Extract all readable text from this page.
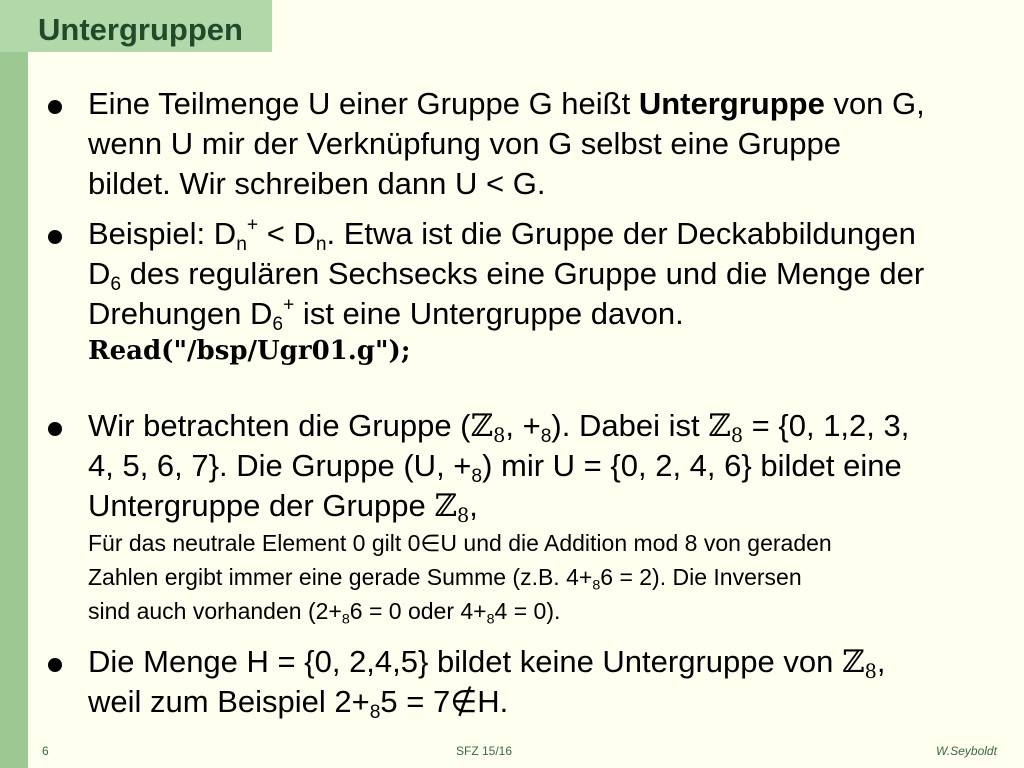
Untergruppen
Eine Teilmenge U einer Gruppe G heißt Untergruppe von G,
wenn U mir der Verknüpfung von G selbst eine Gruppe
bildet. Wir schreiben dann U < G.
Beispiel: $D_n^+ < D_n$. Etwa ist die Gruppe der Deckabbildungen
$D_6$ des regulären Sechsecks eine Gruppe und die Menge der
Drehungen $D_6^+$ ist eine Untergruppe davon.
Read("/bsp/Ugr01.g");
Wir betrachten die Gruppe (ℤ$_8$, $+_8$). Dabei ist ℤ$_8$ = {0, 1,2, 3,
4, 5, 6, 7}. Die Gruppe (U, $+_8$) mir U = {0, 2, 4, 6} bildet eine
Untergruppe der Gruppe ℤ$_8$,
Für das neutrale Element 0 gilt 0∈U und die Addition mod 8 von geraden
Zahlen ergibt immer eine gerade Summe (z.B. $4+_86 = 2$). Die Inversen
sind auch vorhanden ($2+_86 = 0$ oder $4+_84 = 0$).
Die Menge H = {0, 2,4,5} bildet keine Untergruppe von ℤ$_8$,
weil zum Beispiel $2+_85$ = 7∉H.
6	SFZ 15/16	W.Seyboldt
